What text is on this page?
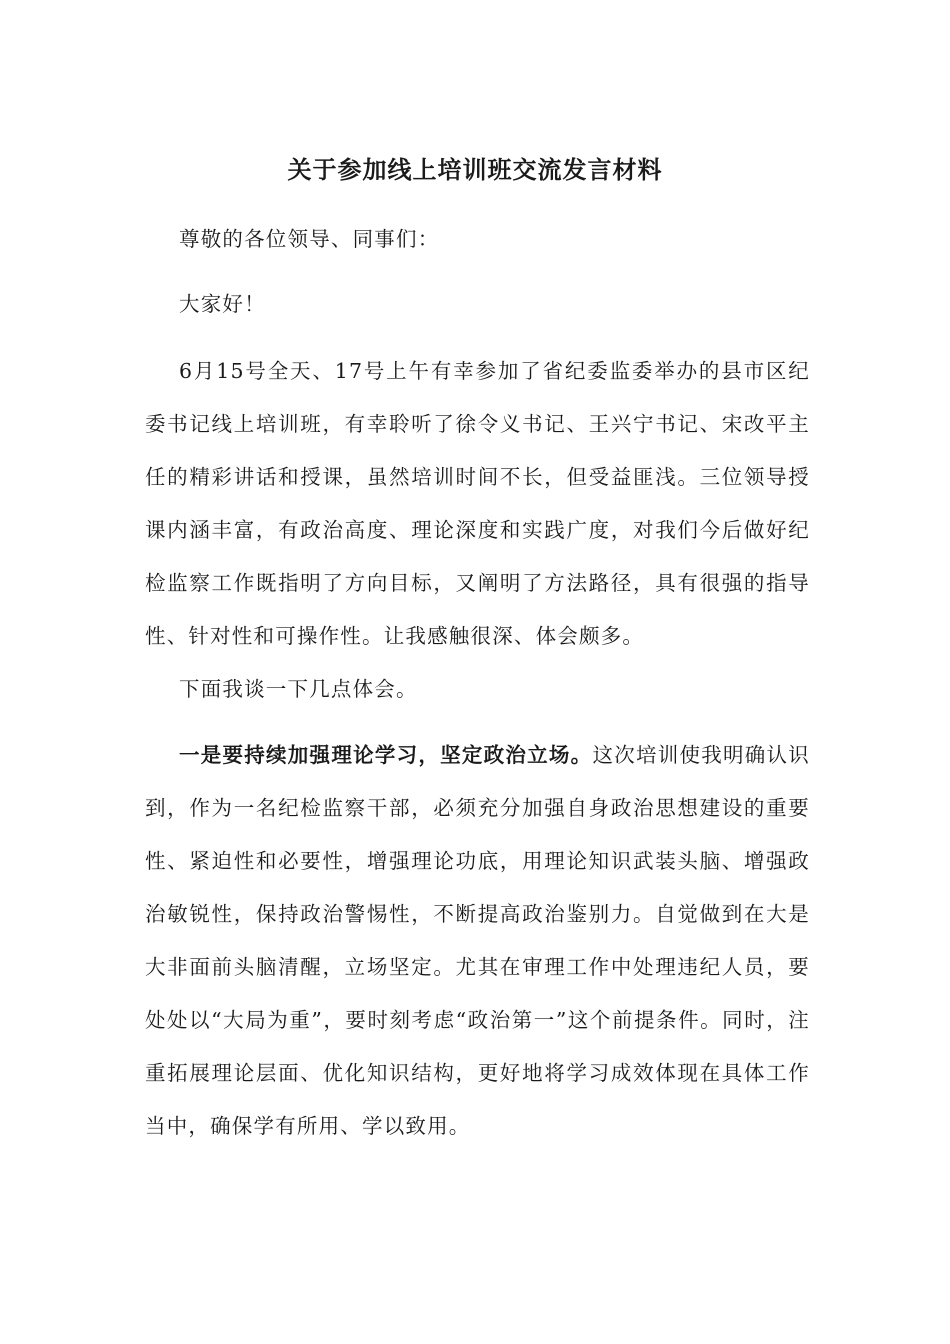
关于参加线上培训班交流发言材料

尊敬的各位领导、同事们：

大家好！

6月15号全天、17号上午有幸参加了省纪委监委举办的县市区纪委书记线上培训班，有幸聆听了徐令义书记、王兴宁书记、宋改平主任的精彩讲话和授课，虽然培训时间不长，但受益匪浅。三位领导授课内涵丰富，有政治高度、理论深度和实践广度，对我们今后做好纪检监察工作既指明了方向目标，又阐明了方法路径，具有很强的指导性、针对性和可操作性。让我感触很深、体会颇多。

下面我谈一下几点体会。

一是要持续加强理论学习，坚定政治立场。这次培训使我明确认识到，作为一名纪检监察干部，必须充分加强自身政治思想建设的重要性、紧迫性和必要性，增强理论功底，用理论知识武装头脑、增强政治敏锐性，保持政治警惕性，不断提高政治鉴别力。自觉做到在大是大非面前头脑清醒，立场坚定。尤其在审理工作中处理违纪人员，要处处以“大局为重”，要时刻考虑“政治第一”这个前提条件。同时，注重拓展理论层面、优化知识结构，更好地将学习成效体现在具体工作当中，确保学有所用、学以致用。
